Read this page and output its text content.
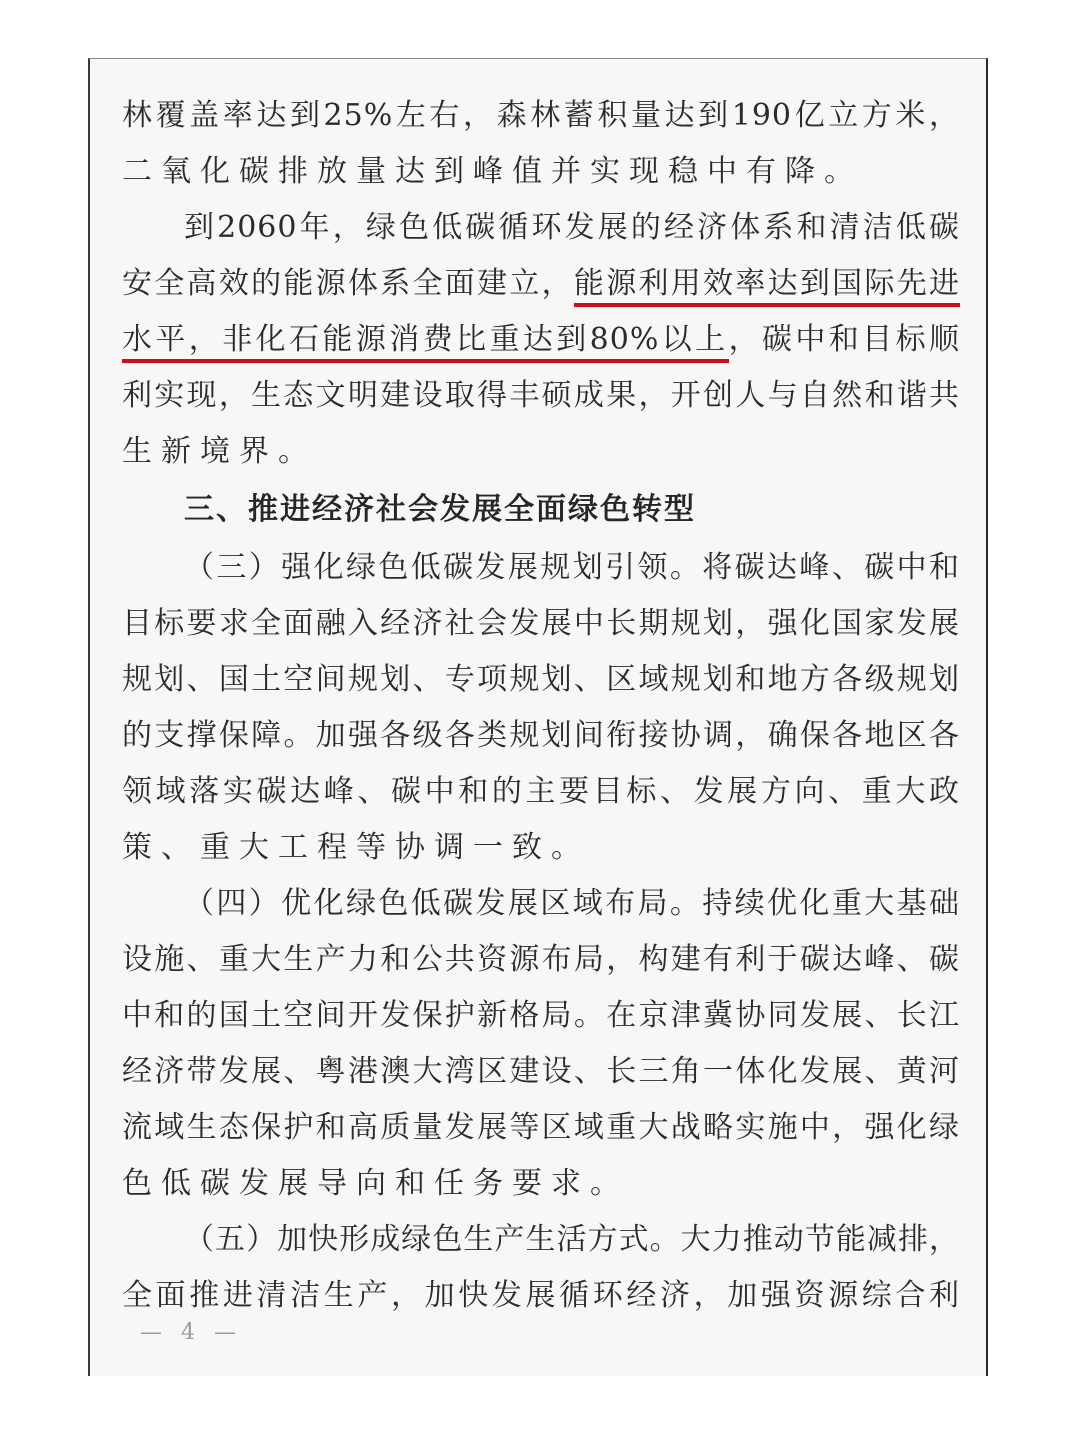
林覆盖率达到25%左右，森林蓄积量达到190亿立方米，
二氧化碳排放量达到峰值并实现稳中有降。
到2060年，绿色低碳循环发展的经济体系和清洁低碳
安全高效的能源体系全面建立，能源利用效率达到国际先进
水平，非化石能源消费比重达到80%以上，碳中和目标顺
利实现，生态文明建设取得丰硕成果，开创人与自然和谐共
生新境界。
三、推进经济社会发展全面绿色转型
（三）强化绿色低碳发展规划引领。将碳达峰、碳中和
目标要求全面融入经济社会发展中长期规划，强化国家发展
规划、国土空间规划、专项规划、区域规划和地方各级规划
的支撑保障。加强各级各类规划间衔接协调，确保各地区各
领域落实碳达峰、碳中和的主要目标、发展方向、重大政
策、重大工程等协调一致。
（四）优化绿色低碳发展区域布局。持续优化重大基础
设施、重大生产力和公共资源布局，构建有利于碳达峰、碳
中和的国土空间开发保护新格局。在京津冀协同发展、长江
经济带发展、粤港澳大湾区建设、长三角一体化发展、黄河
流域生态保护和高质量发展等区域重大战略实施中，强化绿
色低碳发展导向和任务要求。
（五）加快形成绿色生产生活方式。大力推动节能减排，
全面推进清洁生产，加快发展循环经济，加强资源综合利
— 4 —
